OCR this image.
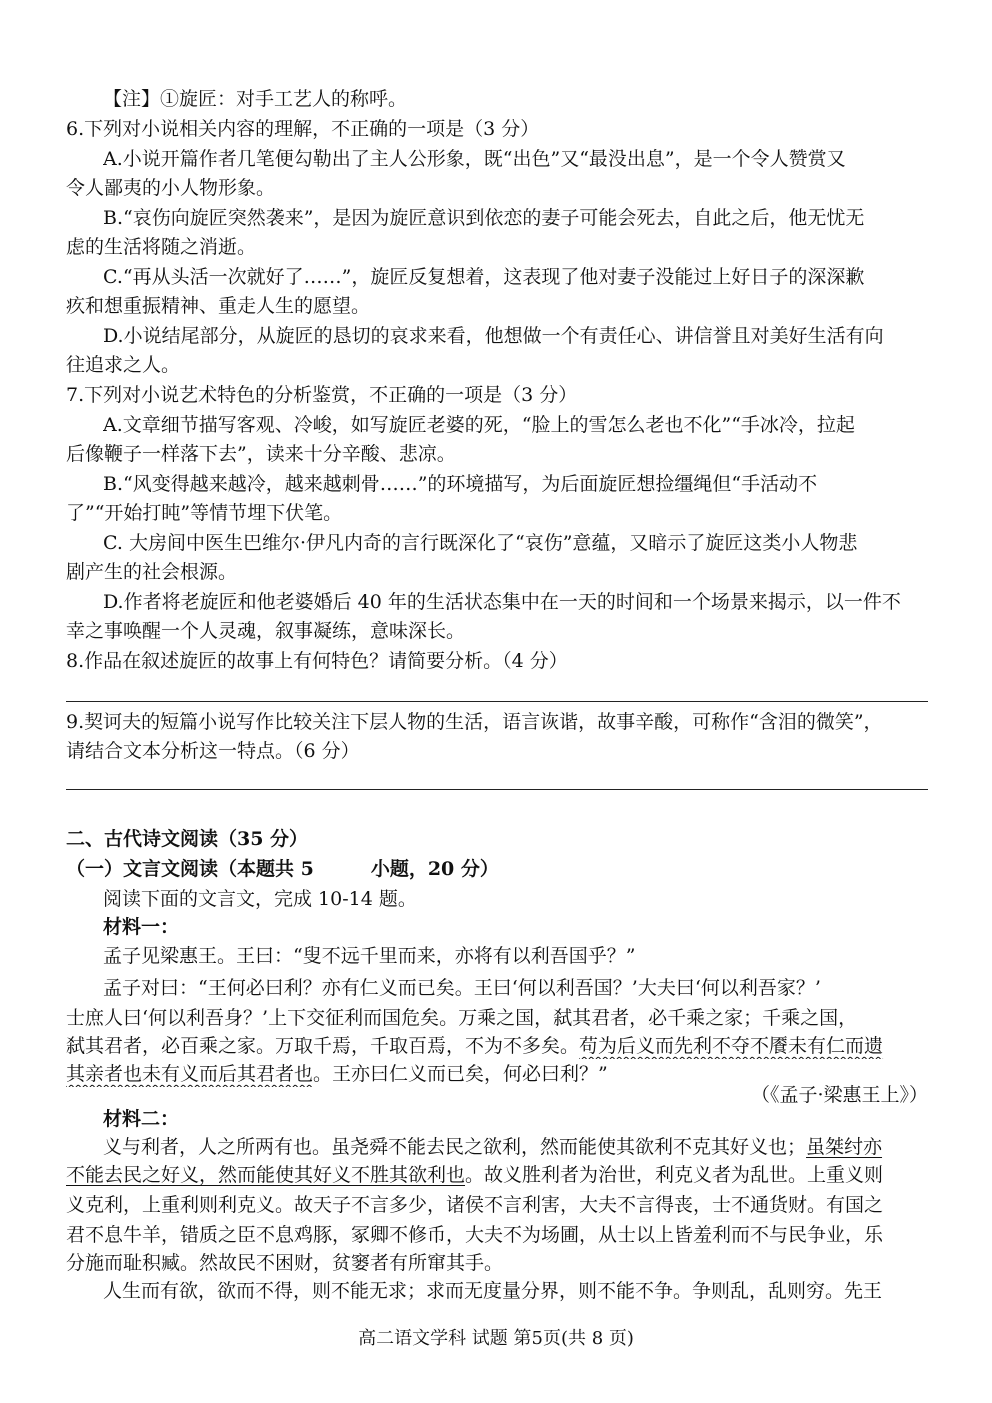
【注】①旋匠：对手工艺人的称呼。
6.下列对小说相关内容的理解，不正确的一项是（3 分）
A.小说开篇作者几笔便勾勒出了主人公形象，既“出色”又“最没出息”，是一个令人赞赏又
令人鄙夷的小人物形象。
B.“哀伤向旋匠突然袭来”，是因为旋匠意识到依恋的妻子可能会死去，自此之后，他无忧无
虑的生活将随之消逝。
C.“再从头活一次就好了……”，旋匠反复想着，这表现了他对妻子没能过上好日子的深深歉
疚和想重振精神、重走人生的愿望。
D.小说结尾部分，从旋匠的恳切的哀求来看，他想做一个有责任心、讲信誉且对美好生活有向
往追求之人。
7.下列对小说艺术特色的分析鉴赏，不正确的一项是（3 分）
A.文章细节描写客观、冷峻，如写旋匠老婆的死，“脸上的雪怎么老也不化”“手冰冷，拉起
后像鞭子一样落下去”，读来十分辛酸、悲凉。
B.“风变得越来越冷，越来越刺骨……”的环境描写，为后面旋匠想捡缰绳但“手活动不
了”“开始打盹”等情节埋下伏笔。
C. 大房间中医生巴维尔·伊凡内奇的言行既深化了“哀伤”意蕴，又暗示了旋匠这类小人物悲
剧产生的社会根源。
D.作者将老旋匠和他老婆婚后 40 年的生活状态集中在一天的时间和一个场景来揭示，以一件不
幸之事唤醒一个人灵魂，叙事凝练，意味深长。
8.作品在叙述旋匠的故事上有何特色？请简要分析。（4 分）
9.契诃夫的短篇小说写作比较关注下层人物的生活，语言诙谐，故事辛酸，可称作“含泪的微笑”，
请结合文本分析这一特点。（6 分）
二、古代诗文阅读（35 分）
（一）文言文阅读（本题共 5　　　小题，20 分）
阅读下面的文言文，完成 10-14 题。
材料一：
孟子见梁惠王。王曰：“叟不远千里而来，亦将有以利吾国乎？”
孟子对曰：“王何必曰利？亦有仁义而已矣。王曰‘何以利吾国？’大夫曰‘何以利吾家？’
士庶人曰‘何以利吾身？’上下交征利而国危矣。万乘之国，弑其君者，必千乘之家；千乘之国，
弑其君者，必百乘之家。万取千焉，千取百焉，不为不多矣。苟为后义而先利不夺不餍未有仁而遗
其亲者也未有义而后其君者也。王亦曰仁义而已矣，何必曰利？”
（《孟子·梁惠王上》）
材料二：
义与利者，人之所两有也。虽尧舜不能去民之欲利，然而能使其欲利不克其好义也；虽桀纣亦
不能去民之好义，然而能使其好义不胜其欲利也。故义胜利者为治世，利克义者为乱世。上重义则
义克利，上重利则利克义。故天子不言多少，诸侯不言利害，大夫不言得丧，士不通货财。有国之
君不息牛羊，错质之臣不息鸡豚，冢卿不修币，大夫不为场圃，从士以上皆羞利而不与民争业，乐
分施而耻积臧。然故民不困财，贫窭者有所窜其手。
人生而有欲，欲而不得，则不能无求；求而无度量分界，则不能不争。争则乱，乱则穷。先王
高二语文学科 试题 第5页(共 8 页)
